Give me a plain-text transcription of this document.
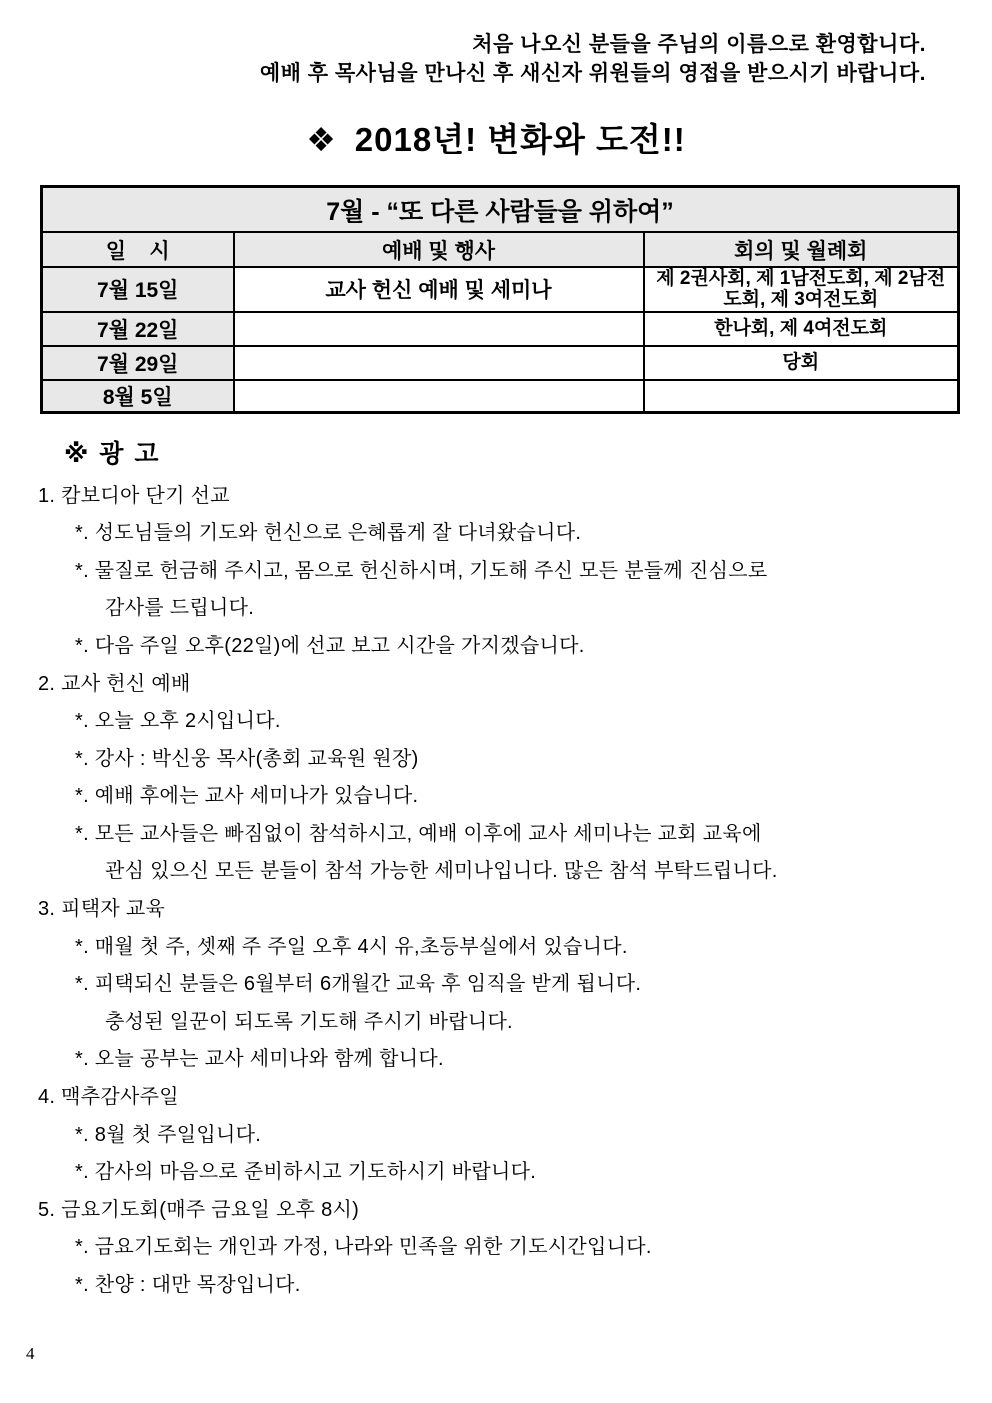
처음 나오신 분들을 주님의 이름으로 환영합니다.
예배 후 목사님을 만나신 후 새신자 위원들의 영접을 받으시기 바랍니다.
❖ 2018년! 변화와 도전!!
7월 - “또 다른 사람들을 위하여”		
일    시	예배 및 행사	회의 및 월례회
7월 15일	교사 헌신 예배 및 세미나	제 2권사회, 제 1남전도회, 제 2남전도회, 제 3여전도회
7월 22일		한나회, 제 4여전도회
7월 29일		당회
8월 5일		
※ 광 고
1. 캄보디아 단기 선교
*. 성도님들의 기도와 헌신으로 은혜롭게 잘 다녀왔습니다.
*. 물질로 헌금해 주시고, 몸으로 헌신하시며, 기도해 주신 모든 분들께 진심으로
감사를 드립니다.
*. 다음 주일 오후(22일)에 선교 보고 시간을 가지겠습니다.
2. 교사 헌신 예배
*. 오늘 오후 2시입니다.
*. 강사 : 박신웅 목사(총회 교육원 원장)
*. 예배 후에는 교사 세미나가 있습니다.
*. 모든 교사들은 빠짐없이 참석하시고, 예배 이후에 교사 세미나는 교회 교육에
관심 있으신 모든 분들이 참석 가능한 세미나입니다. 많은 참석 부탁드립니다.
3. 피택자 교육
*. 매월 첫 주, 셋째 주 주일 오후 4시 유,초등부실에서 있습니다.
*. 피택되신 분들은 6월부터 6개월간 교육 후 임직을 받게 됩니다.
충성된 일꾼이 되도록 기도해 주시기 바랍니다.
*. 오늘 공부는 교사 세미나와 함께 합니다.
4. 맥추감사주일
*. 8월 첫 주일입니다.
*. 감사의 마음으로 준비하시고 기도하시기 바랍니다.
5. 금요기도회(매주 금요일 오후 8시)
*. 금요기도회는 개인과 가정, 나라와 민족을 위한 기도시간입니다.
*. 찬양 : 대만 목장입니다.
4
